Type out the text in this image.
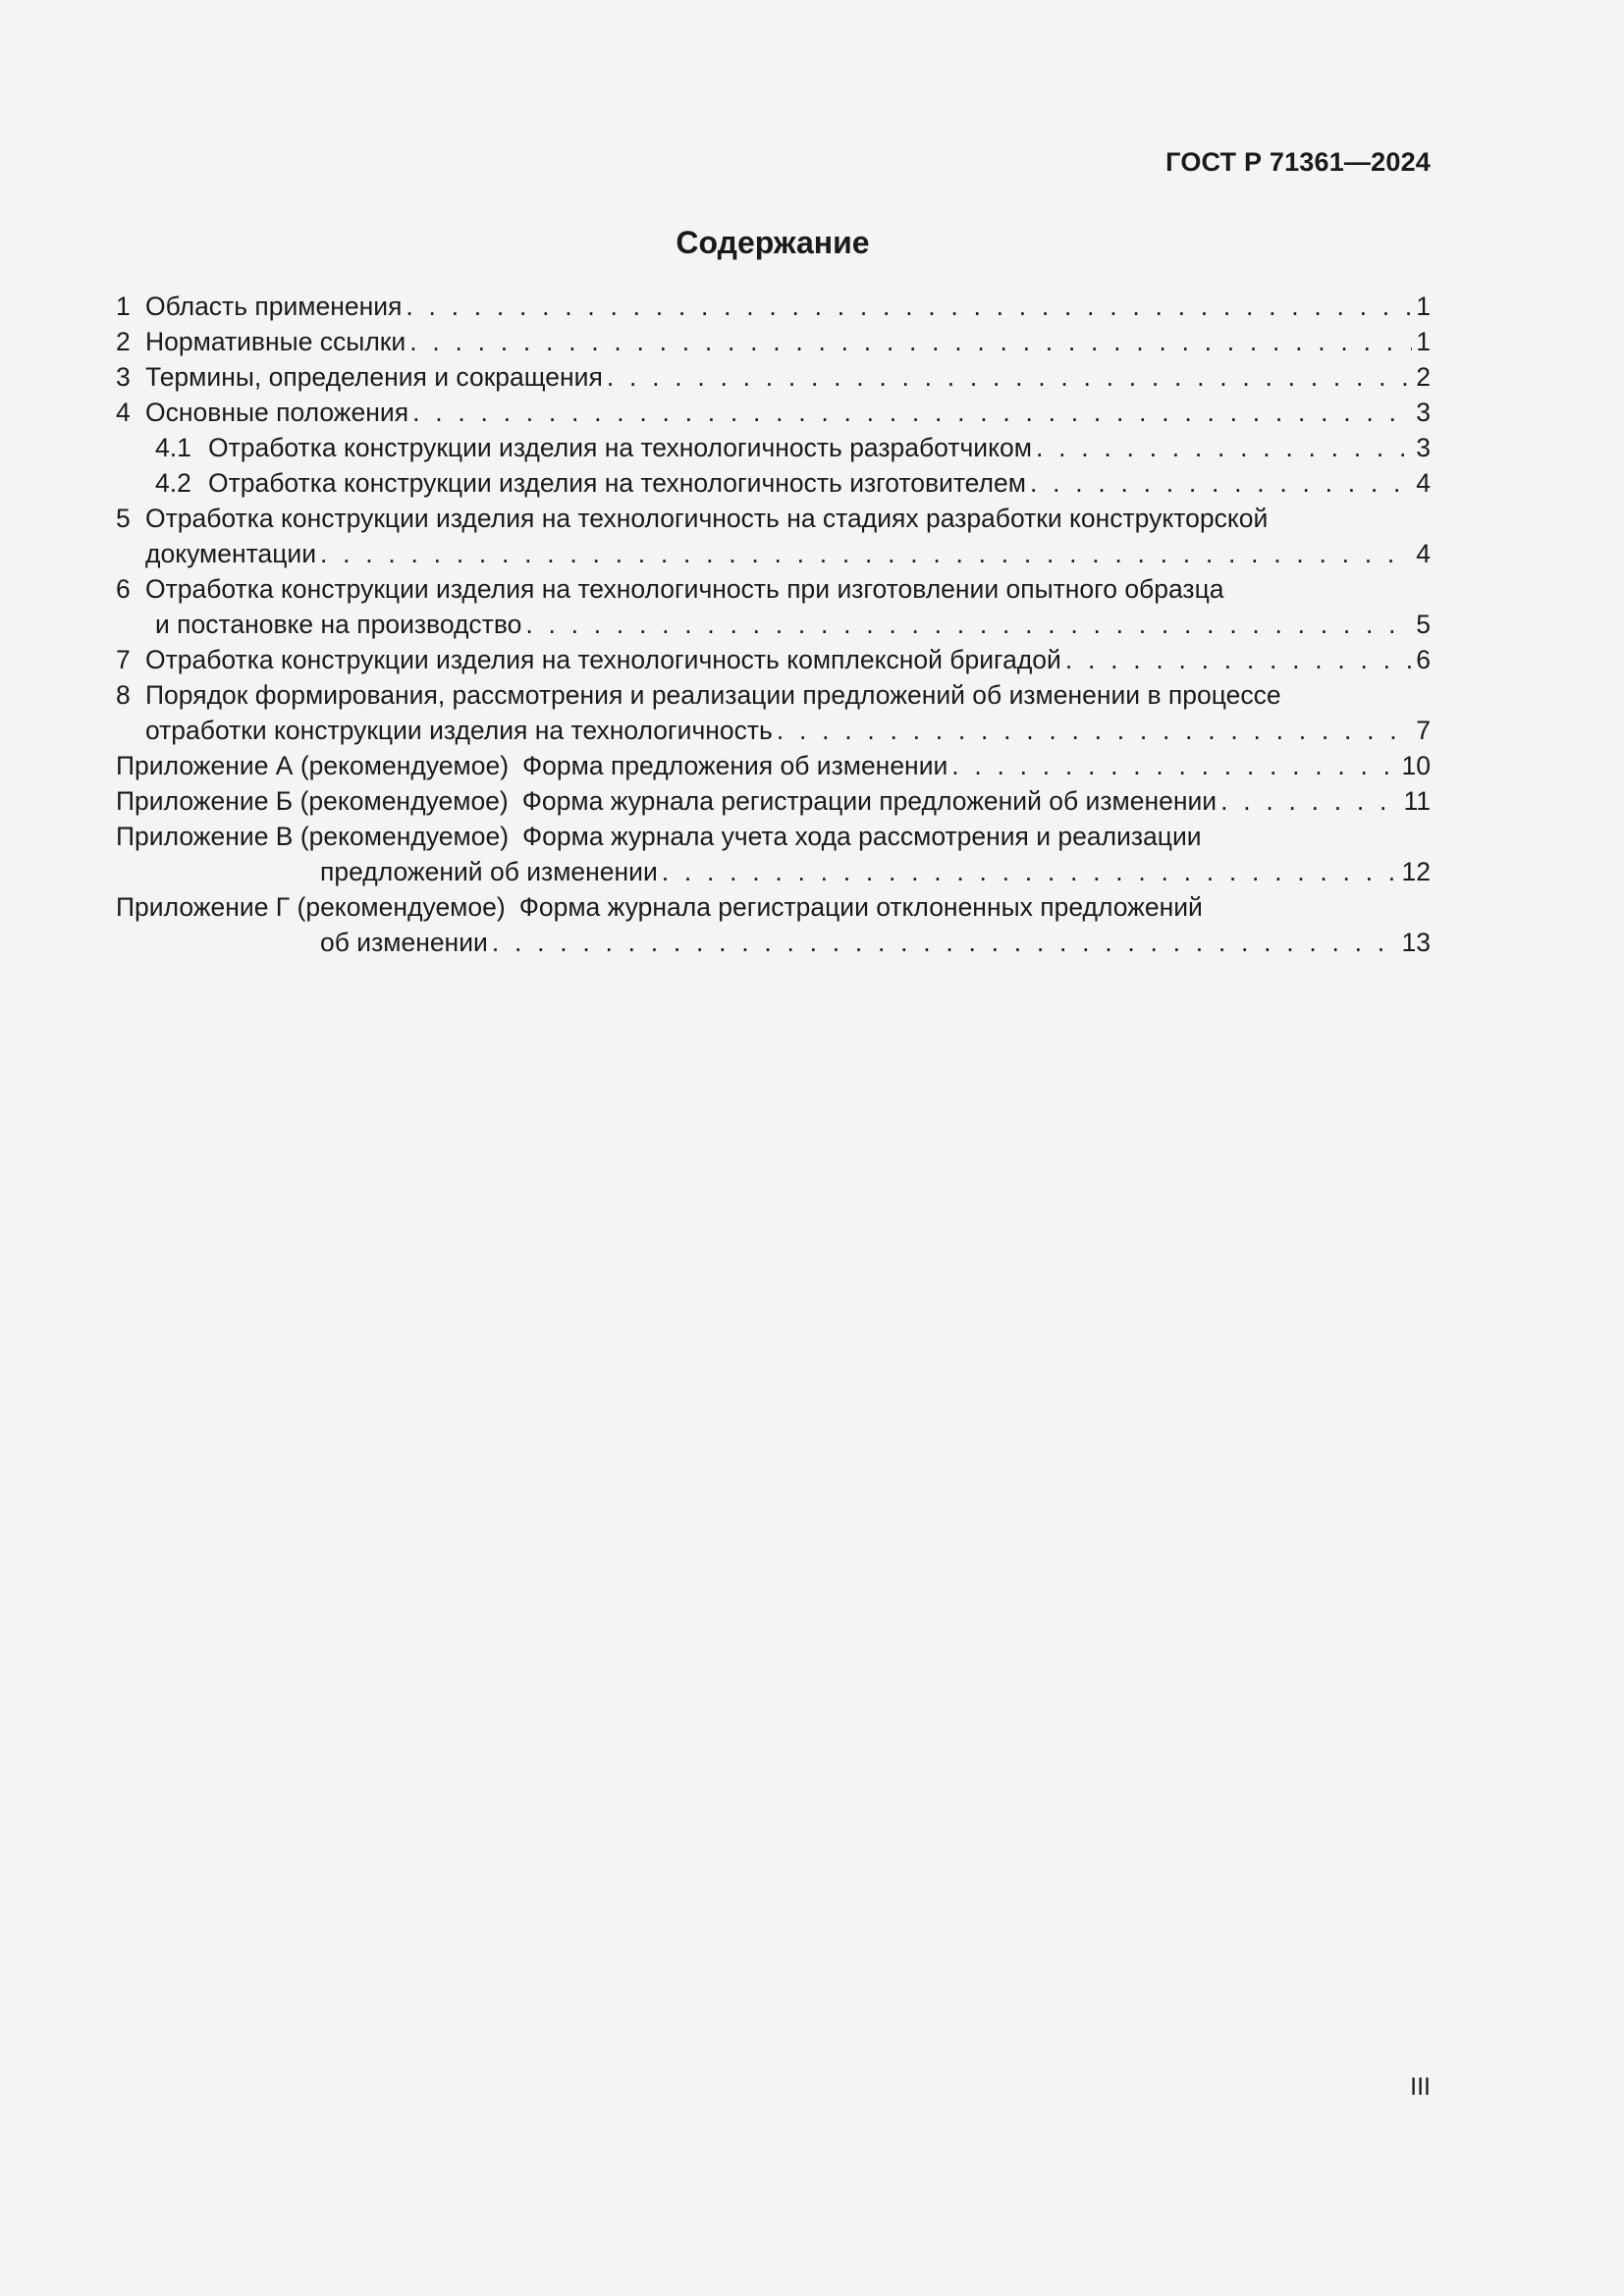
ГОСТ Р 71361—2024
Содержание
1 Область применения . . .	1
2 Нормативные ссылки . . .	1
3 Термины, определения и сокращения . . .	2
4 Основные положения . . .	3
4.1 Отработка конструкции изделия на технологичность разработчиком . . .	3
4.2 Отработка конструкции изделия на технологичность изготовителем . . .	4
5 Отработка конструкции изделия на технологичность на стадиях разработки конструкторской
документации . . .	4
6 Отработка конструкции изделия на технологичность при изготовлении опытного образца
и постановке на производство . . .	5
7 Отработка конструкции изделия на технологичность комплексной бригадой . . .	6
8 Порядок формирования, рассмотрения и реализации предложений об изменении в процессе
отработки конструкции изделия на технологичность . . .	7
Приложение А (рекомендуемое) Форма предложения об изменении . . .	10
Приложение Б (рекомендуемое) Форма журнала регистрации предложений об изменении . . .	11
Приложение В (рекомендуемое) Форма журнала учета хода рассмотрения и реализации
предложений об изменении . . .	12
Приложение Г (рекомендуемое) Форма журнала регистрации отклоненных предложений
об изменении . . .	13
III
